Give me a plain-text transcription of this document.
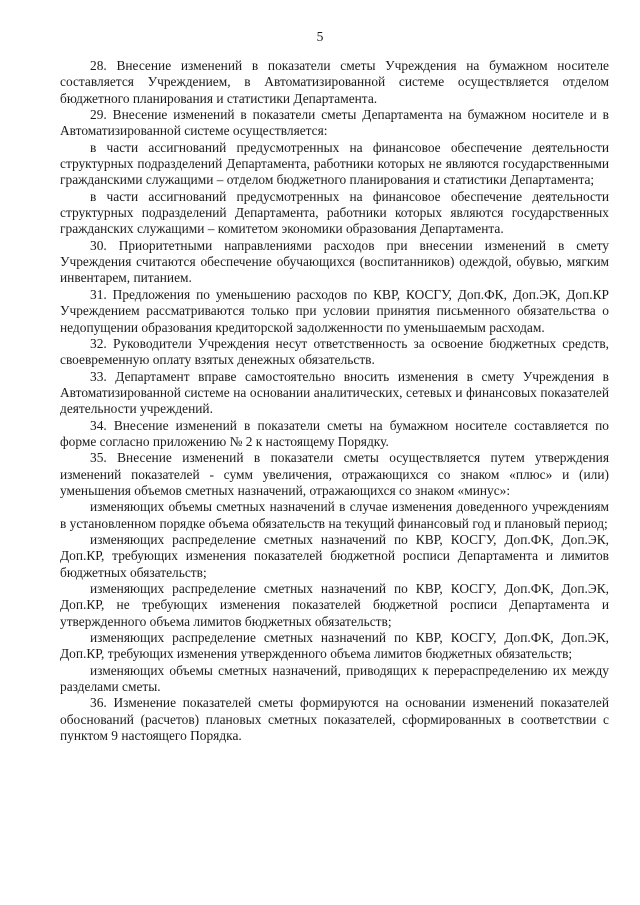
5

28. Внесение изменений в показатели сметы Учреждения на бумажном носителе составляется Учреждением, в Автоматизированной системе осуществляется отделом бюджетного планирования и статистики Департамента.

29. Внесение изменений в показатели сметы Департамента на бумажном носителе и в Автоматизированной системе осуществляется:

в части ассигнований предусмотренных на финансовое обеспечение деятельности структурных подразделений Департамента, работники которых не являются государственными гражданскими служащими – отделом бюджетного планирования и статистики Департамента;

в части ассигнований предусмотренных на финансовое обеспечение деятельности структурных подразделений Департамента, работники которых являются государственных гражданских служащими – комитетом экономики образования Департамента.

30. Приоритетными направлениями расходов при внесении изменений в смету Учреждения считаются обеспечение обучающихся (воспитанников) одеждой, обувью, мягким инвентарем, питанием.

31. Предложения по уменьшению расходов по КВР, КОСГУ, Доп.ФК, Доп.ЭК, Доп.КР Учреждением рассматриваются только при условии принятия письменного обязательства о недопущении образования кредиторской задолженности по уменьшаемым расходам.

32. Руководители Учреждения несут ответственность за освоение бюджетных средств, своевременную оплату взятых денежных обязательств.

33. Департамент вправе самостоятельно вносить изменения в смету Учреждения в Автоматизированной системе на основании аналитических, сетевых и финансовых показателей деятельности учреждений.

34. Внесение изменений в показатели сметы на бумажном носителе составляется по форме согласно приложению № 2 к настоящему Порядку.

35. Внесение изменений в показатели сметы осуществляется путем утверждения изменений показателей - сумм увеличения, отражающихся со знаком «плюс» и (или) уменьшения объемов сметных назначений, отражающихся со знаком «минус»:

изменяющих объемы сметных назначений в случае изменения доведенного учреждениям в установленном порядке объема обязательств на текущий финансовый год и плановый период;

изменяющих распределение сметных назначений по КВР, КОСГУ, Доп.ФК, Доп.ЭК, Доп.КР, требующих изменения показателей бюджетной росписи Департамента и лимитов бюджетных обязательств;

изменяющих распределение сметных назначений по КВР, КОСГУ, Доп.ФК, Доп.ЭК, Доп.КР, не требующих изменения показателей бюджетной росписи Департамента и утвержденного объема лимитов бюджетных обязательств;

изменяющих распределение сметных назначений по КВР, КОСГУ, Доп.ФК, Доп.ЭК, Доп.КР, требующих изменения утвержденного объема лимитов бюджетных обязательств;

изменяющих объемы сметных назначений, приводящих к перераспределению их между разделами сметы.

36. Изменение показателей сметы формируются на основании изменений показателей обоснований (расчетов) плановых сметных показателей, сформированных в соответствии с пунктом 9 настоящего Порядка.
